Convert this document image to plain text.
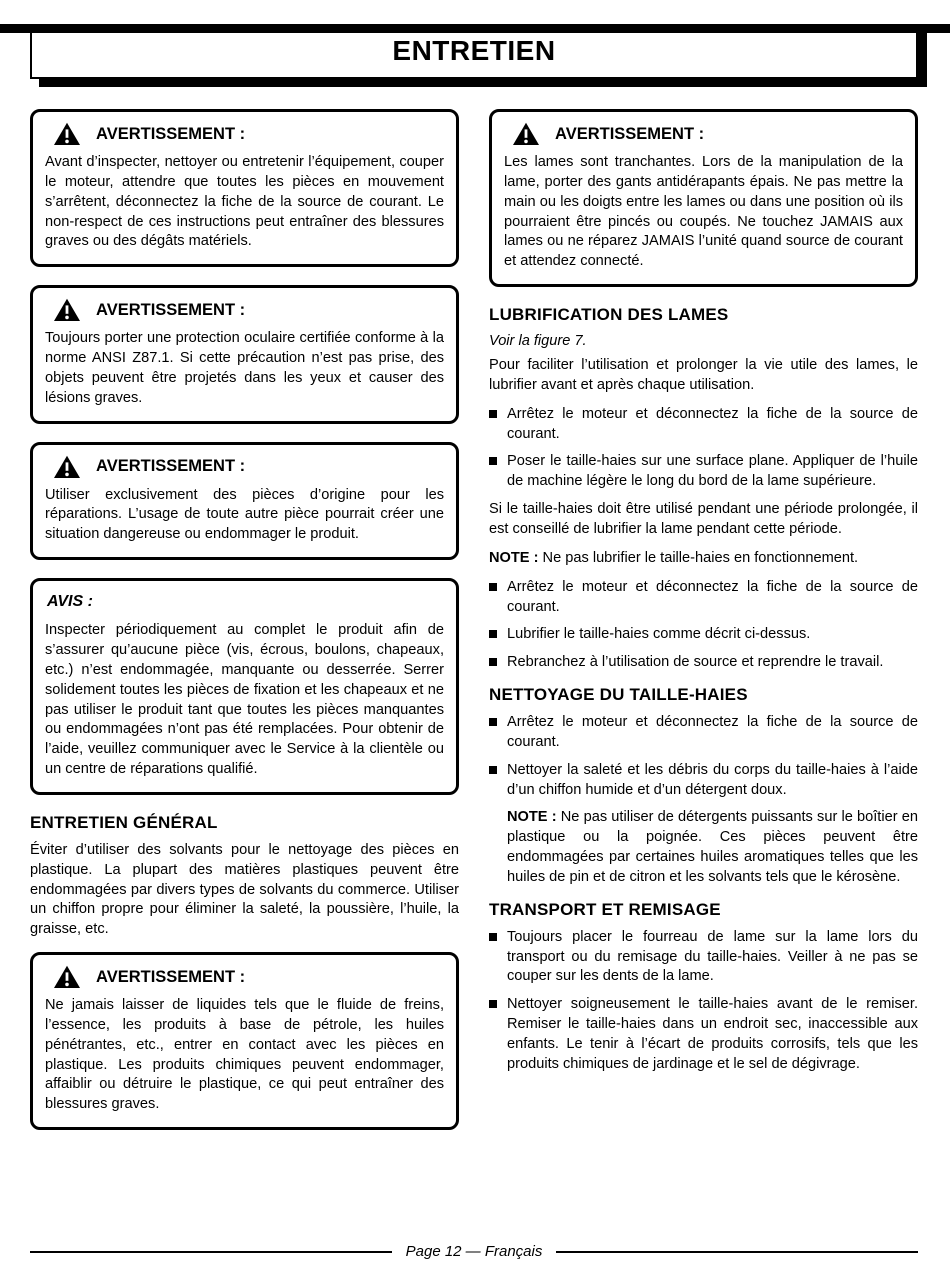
ENTRETIEN
AVERTISSEMENT :

Avant d’inspecter, nettoyer ou entretenir l’équipement, couper le moteur, attendre que toutes les pièces en mouvement s’arrêtent, déconnectez la fiche de la source de courant. Le non-respect de ces instructions peut entraîner des blessures graves ou des dégâts matériels.

AVERTISSEMENT :

Toujours porter une protection oculaire certifiée conforme à la norme ANSI Z87.1. Si cette précaution n’est pas prise, des objets peuvent être projetés dans les yeux et causer des lésions graves.

AVERTISSEMENT :

Utiliser exclusivement des pièces d’origine pour les réparations. L’usage de toute autre pièce pourrait créer une situation dangereuse ou endommager le produit.

AVIS :

Inspecter périodiquement au complet le produit afin de s’assurer qu’aucune pièce (vis, écrous, boulons, chapeaux, etc.) n’est endommagée, manquante ou desserrée. Serrer solidement toutes les pièces de fixation et les chapeaux et ne pas utiliser le produit tant que toutes les pièces manquantes ou endommagées n’ont pas été remplacées. Pour obtenir de l’aide, veuillez communiquer avec le Service à la clientèle ou un centre de réparations qualifié.

ENTRETIEN GÉNÉRAL

Éviter d’utiliser des solvants pour le nettoyage des pièces en plastique. La plupart des matières plastiques peuvent être endommagées par divers types de solvants du commerce. Utiliser un chiffon propre pour éliminer la saleté, la poussière, l’huile, la graisse, etc.

AVERTISSEMENT :

Ne jamais laisser de liquides tels que le fluide de freins, l’essence, les produits à base de pétrole, les huiles pénétrantes, etc., entrer en contact avec les pièces en plastique. Les produits chimiques peuvent endommager, affaiblir ou détruire le plastique, ce qui peut entraîner des blessures graves.

AVERTISSEMENT :

Les lames sont tranchantes. Lors de la manipulation de la lame, porter des gants antidérapants épais. Ne pas mettre la main ou les doigts entre les lames ou dans une position où ils pourraient être pincés ou coupés. Ne touchez JAMAIS aux lames ou ne réparez JAMAIS l’unité quand source de courant et attendez connecté.

LUBRIFICATION DES LAMES

Voir la figure 7.

Pour faciliter l’utilisation et prolonger la vie utile des lames, le lubrifier avant et après chaque utilisation.

Arrêtez le moteur et déconnectez la fiche de la source de courant.

Poser le taille-haies sur une surface plane. Appliquer de l’huile de machine légère le long du bord de la lame supérieure.

Si le taille-haies doit être utilisé pendant une période prolongée, il est conseillé de lubrifier la lame pendant cette période.

NOTE : Ne pas lubrifier le taille-haies en fonctionnement.

Arrêtez le moteur et déconnectez la fiche de la source de courant.

Lubrifier le taille-haies comme décrit ci-dessus.

Rebranchez à l’utilisation de source et reprendre le travail.

NETTOYAGE DU TAILLE-HAIES

Arrêtez le moteur et déconnectez la fiche de la source de courant.

Nettoyer la saleté et les débris du corps du taille-haies à l’aide d’un chiffon humide et d’un détergent doux.

NOTE : Ne pas utiliser de détergents puissants sur le boîtier en plastique ou la poignée. Ces pièces peuvent être endommagées par certaines huiles aromatiques telles que les huiles de pin et de citron et les solvants tels que le kérosène.

TRANSPORT ET REMISAGE

Toujours placer le fourreau de lame sur la lame lors du transport ou du remisage du taille-haies. Veiller à ne pas se couper sur les dents de la lame.

Nettoyer soigneusement le taille-haies avant de le remiser. Remiser le taille-haies dans un endroit sec, inaccessible aux enfants. Le tenir à l’écart de produits corrosifs, tels que les produits chimiques de jardinage et le sel de dégivrage.

Page 12 — Français
